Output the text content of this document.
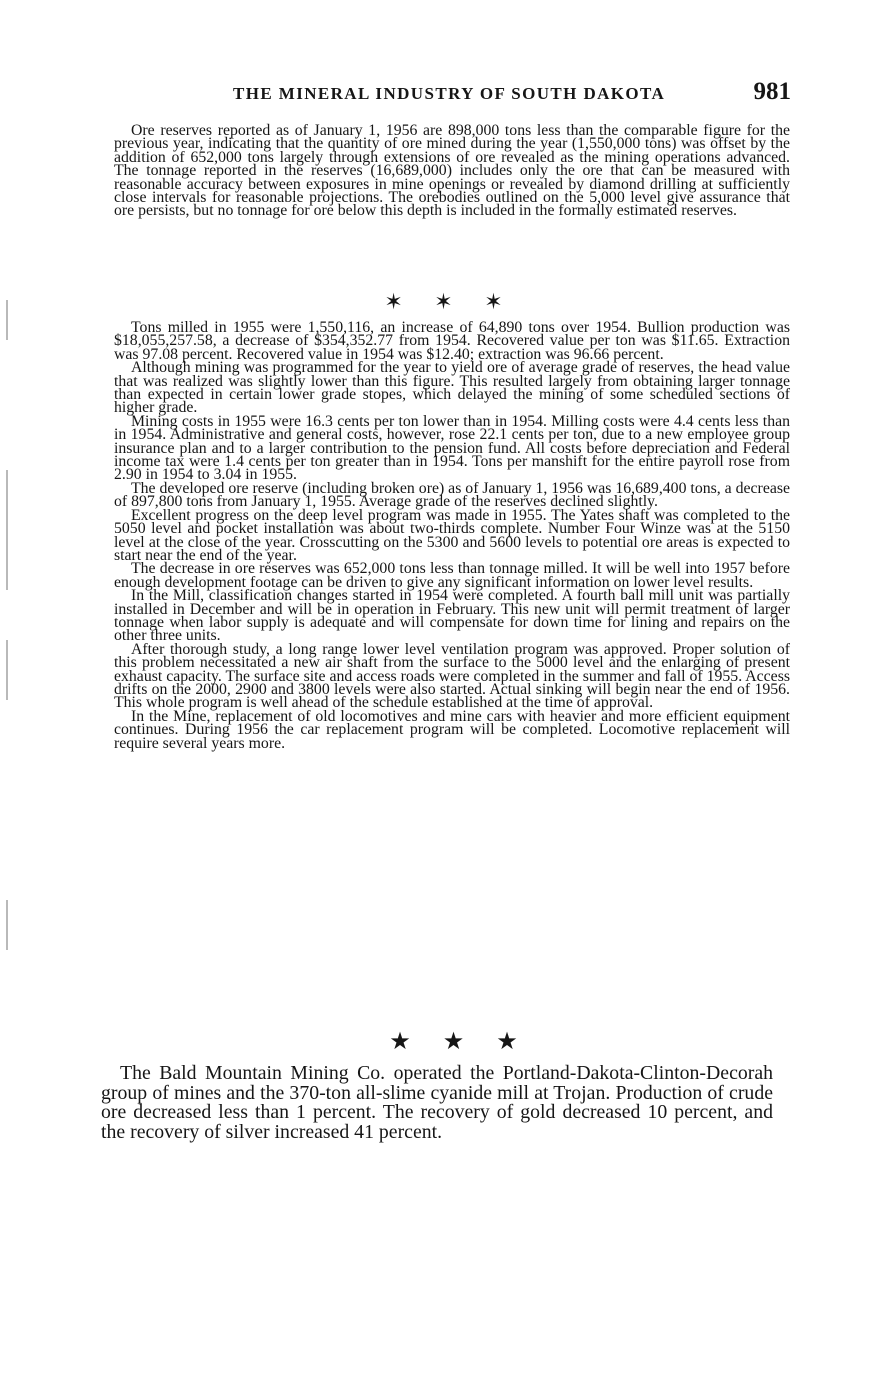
THE MINERAL INDUSTRY OF SOUTH DAKOTA	981

Ore reserves reported as of January 1, 1956 are 898,000 tons less than the comparable figure for the previous year, indicating that the quantity of ore mined during the year (1,550,000 tons) was offset by the addition of 652,000 tons largely through extensions of ore revealed as the mining operations advanced. The tonnage reported in the reserves (16,689,000) includes only the ore that can be measured with reasonable accuracy between exposures in mine openings or revealed by diamond drilling at sufficiently close intervals for reasonable projections. The orebodies outlined on the 5,000 level give assurance that ore persists, but no tonnage for ore below this depth is included in the formally estimated reserves.

✶ ✶ ✶

Tons milled in 1955 were 1,550,116, an increase of 64,890 tons over 1954. Bullion production was $18,055,257.58, a decrease of $354,352.77 from 1954. Recovered value per ton was $11.65. Extraction was 97.08 percent. Recovered value in 1954 was $12.40; extraction was 96.66 percent.

Although mining was programmed for the year to yield ore of average grade of reserves, the head value that was realized was slightly lower than this figure. This resulted largely from obtaining larger tonnage than expected in certain lower grade stopes, which delayed the mining of some scheduled sections of higher grade.

Mining costs in 1955 were 16.3 cents per ton lower than in 1954. Milling costs were 4.4 cents less than in 1954. Administrative and general costs, however, rose 22.1 cents per ton, due to a new employee group insurance plan and to a larger contribution to the pension fund. All costs before depreciation and Federal income tax were 1.4 cents per ton greater than in 1954. Tons per manshift for the entire payroll rose from 2.90 in 1954 to 3.04 in 1955.

The developed ore reserve (including broken ore) as of January 1, 1956 was 16,689,400 tons, a decrease of 897,800 tons from January 1, 1955. Average grade of the reserves declined slightly.

Excellent progress on the deep level program was made in 1955. The Yates shaft was completed to the 5050 level and pocket installation was about two-thirds complete. Number Four Winze was at the 5150 level at the close of the year. Crosscutting on the 5300 and 5600 levels to potential ore areas is expected to start near the end of the year.

The decrease in ore reserves was 652,000 tons less than tonnage milled. It will be well into 1957 before enough development footage can be driven to give any significant information on lower level results.

In the Mill, classification changes started in 1954 were completed. A fourth ball mill unit was partially installed in December and will be in operation in February. This new unit will permit treatment of larger tonnage when labor supply is adequate and will compensate for down time for lining and repairs on the other three units.

After thorough study, a long range lower level ventilation program was approved. Proper solution of this problem necessitated a new air shaft from the surface to the 5000 level and the enlarging of present exhaust capacity. The surface site and access roads were completed in the summer and fall of 1955. Access drifts on the 2000, 2900 and 3800 levels were also started. Actual sinking will begin near the end of 1956. This whole program is well ahead of the schedule established at the time of approval.

In the Mine, replacement of old locomotives and mine cars with heavier and more efficient equipment continues. During 1956 the car replacement program will be completed. Locomotive replacement will require several years more.

★ ★ ★

The Bald Mountain Mining Co. operated the Portland-Dakota-Clinton-Decorah group of mines and the 370-ton all-slime cyanide mill at Trojan. Production of crude ore decreased less than 1 percent. The recovery of gold decreased 10 percent, and the recovery of silver increased 41 percent.
